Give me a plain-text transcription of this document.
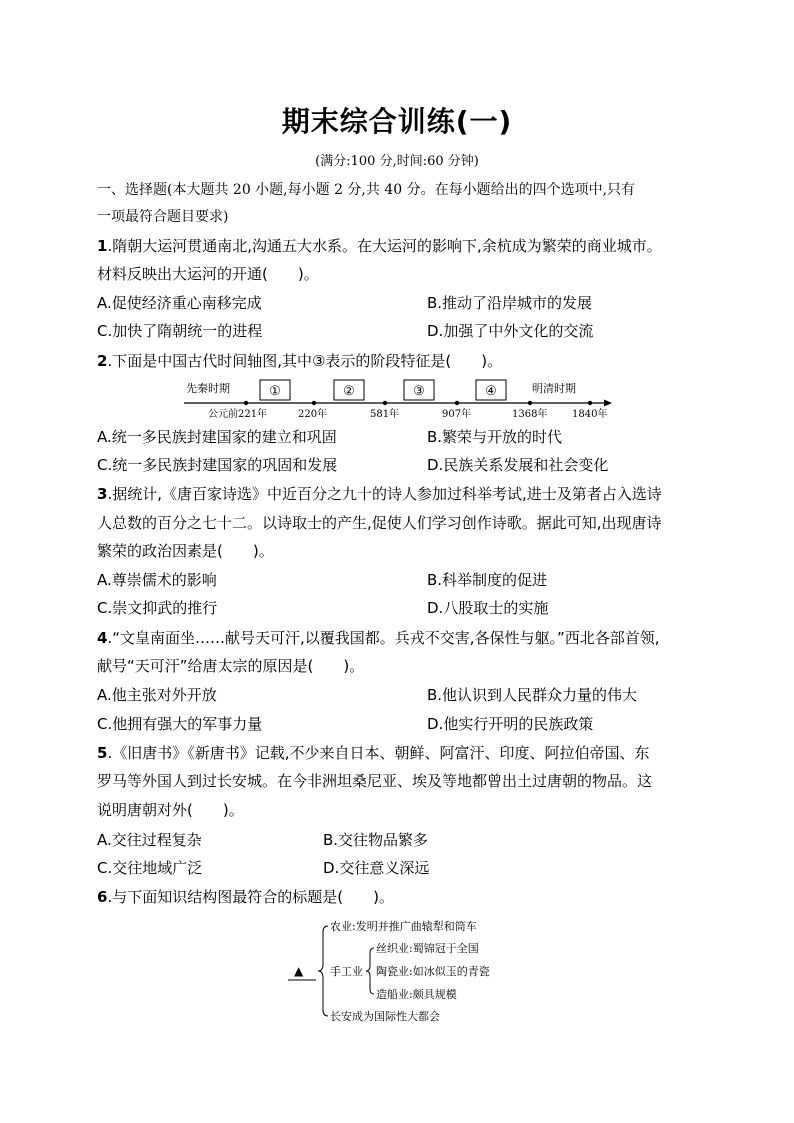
期末综合训练(一)
(满分:100 分,时间:60 分钟)
一、选择题(本大题共 20 小题,每小题 2 分,共 40 分。在每小题给出的四个选项中,只有
一项最符合题目要求)
1.隋朝大运河贯通南北,沟通五大水系。在大运河的影响下,余杭成为繁荣的商业城市。
材料反映出大运河的开通(　　)。
A.促使经济重心南移完成	B.推动了沿岸城市的发展
C.加快了隋朝统一的进程	D.加强了中外文化的交流
2.下面是中国古代时间轴图,其中③表示的阶段特征是(　　)。
先秦时期	明清时期
①	②	③	④
公元前221年	220年	581年	907年	1368年 1840年
A.统一多民族封建国家的建立和巩固	B.繁荣与开放的时代
C.统一多民族封建国家的巩固和发展	D.民族关系发展和社会变化
3.据统计,《唐百家诗选》中近百分之九十的诗人参加过科举考试,进士及第者占入选诗
人总数的百分之七十二。以诗取士的产生,促使人们学习创作诗歌。据此可知,出现唐诗
繁荣的政治因素是(　　)。
A.尊崇儒术的影响	B.科举制度的促进
C.崇文抑武的推行	D.八股取士的实施
4.“文皇南面坐……献号天可汗,以覆我国都。兵戎不交害,各保性与躯。”西北各部首领,
献号“天可汗”给唐太宗的原因是(　　)。
A.他主张对外开放	B.他认识到人民群众力量的伟大
C.他拥有强大的军事力量	D.他实行开明的民族政策
5.《旧唐书》《新唐书》记载,不少来自日本、朝鲜、阿富汗、印度、阿拉伯帝国、东
罗马等外国人到过长安城。在今非洲坦桑尼亚、埃及等地都曾出土过唐朝的物品。这
说明唐朝对外(　　)。
A.交往过程复杂	B.交往物品繁多
C.交往地域广泛	D.交往意义深远
6.与下面知识结构图最符合的标题是(　　)。
▲
农业:发明并推广曲辕犁和筒车
手工业
长安成为国际性大都会
丝织业:蜀锦冠于全国
陶瓷业:如冰似玉的青瓷
造船业:颇具规模
